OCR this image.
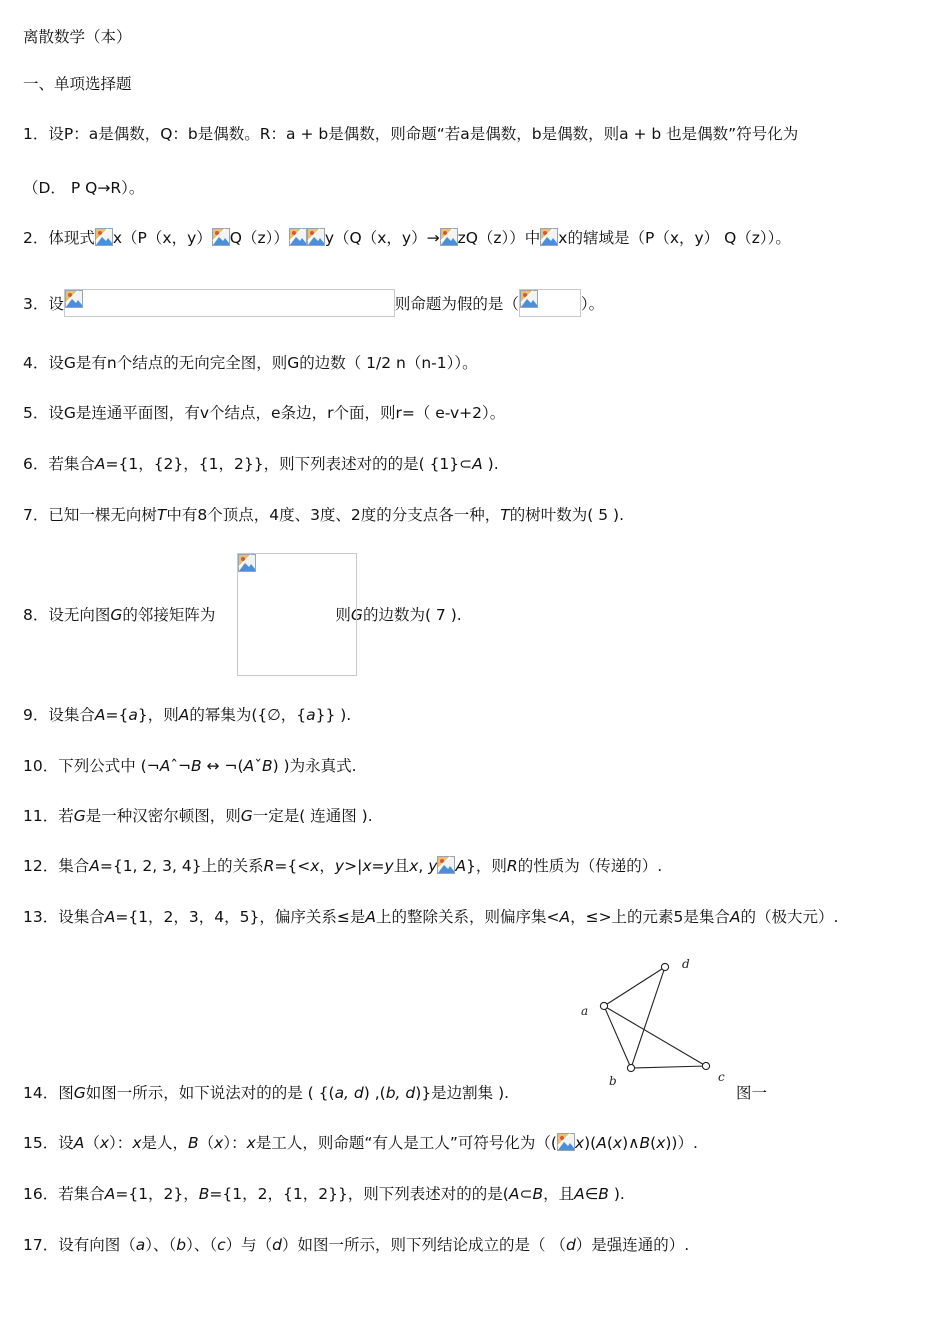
离散数学（本）
一、单项选择题
1．设P：a是偶数，Q：b是偶数。R：a + b是偶数，则命题“若a是偶数，b是偶数，则a + b 也是偶数”符号化为
（D． P Q→R）。
2．体现式 x（P（x，y） Q（z）） y（Q（x，y）→ zQ（z））中 x的辖域是（P（x，y） Q（z））。
3．设	则命题为假的是（	）。
4．设G是有n个结点的无向完全图，则G的边数（ 1/2 n（n-1））。
5．设G是连通平面图，有v个结点，e条边，r个面，则r=（ e-v+2）。
6．若集合A={1，{2}，{1，2}}，则下列表述对的的是( {1}⊂A ).
7．已知一棵无向树T中有8个顶点，4度、3度、2度的分支点各一种，T的树叶数为( 5 ).
8．设无向图G的邻接矩阵为	则G的边数为( 7 ).
9．设集合A={a}，则A的幂集为({∅，{a}} ).
10．下列公式中 (¬Aˆ¬B ↔ ¬(AˇB) )为永真式.
11．若G是一种汉密尔顿图，则G一定是( 连通图 ).
12．集合A={1, 2, 3, 4}上的关系R={<x，y>|x=y且x, y A}，则R的性质为（传递的）.
13．设集合A={1，2，3，4，5}，偏序关系≤是A上的整除关系，则偏序集<A，≤>上的元素5是集合A的（极大元）.
a
b	c
d
14．图G如图一所示，如下说法对的的是 ( {(a, d) ,(b, d)}是边割集 ).	图一
15．设A（x）：x是人，B（x）：x是工人，则命题“有人是工人”可符号化为（( x)(A(x)∧B(x))）.
16．若集合A={1，2}，B={1，2，{1，2}}，则下列表述对的的是(A⊂B，且A∈B ).
17．设有向图（a）、（b）、（c）与（d）如图一所示，则下列结论成立的是（ （d）是强连通的）.
